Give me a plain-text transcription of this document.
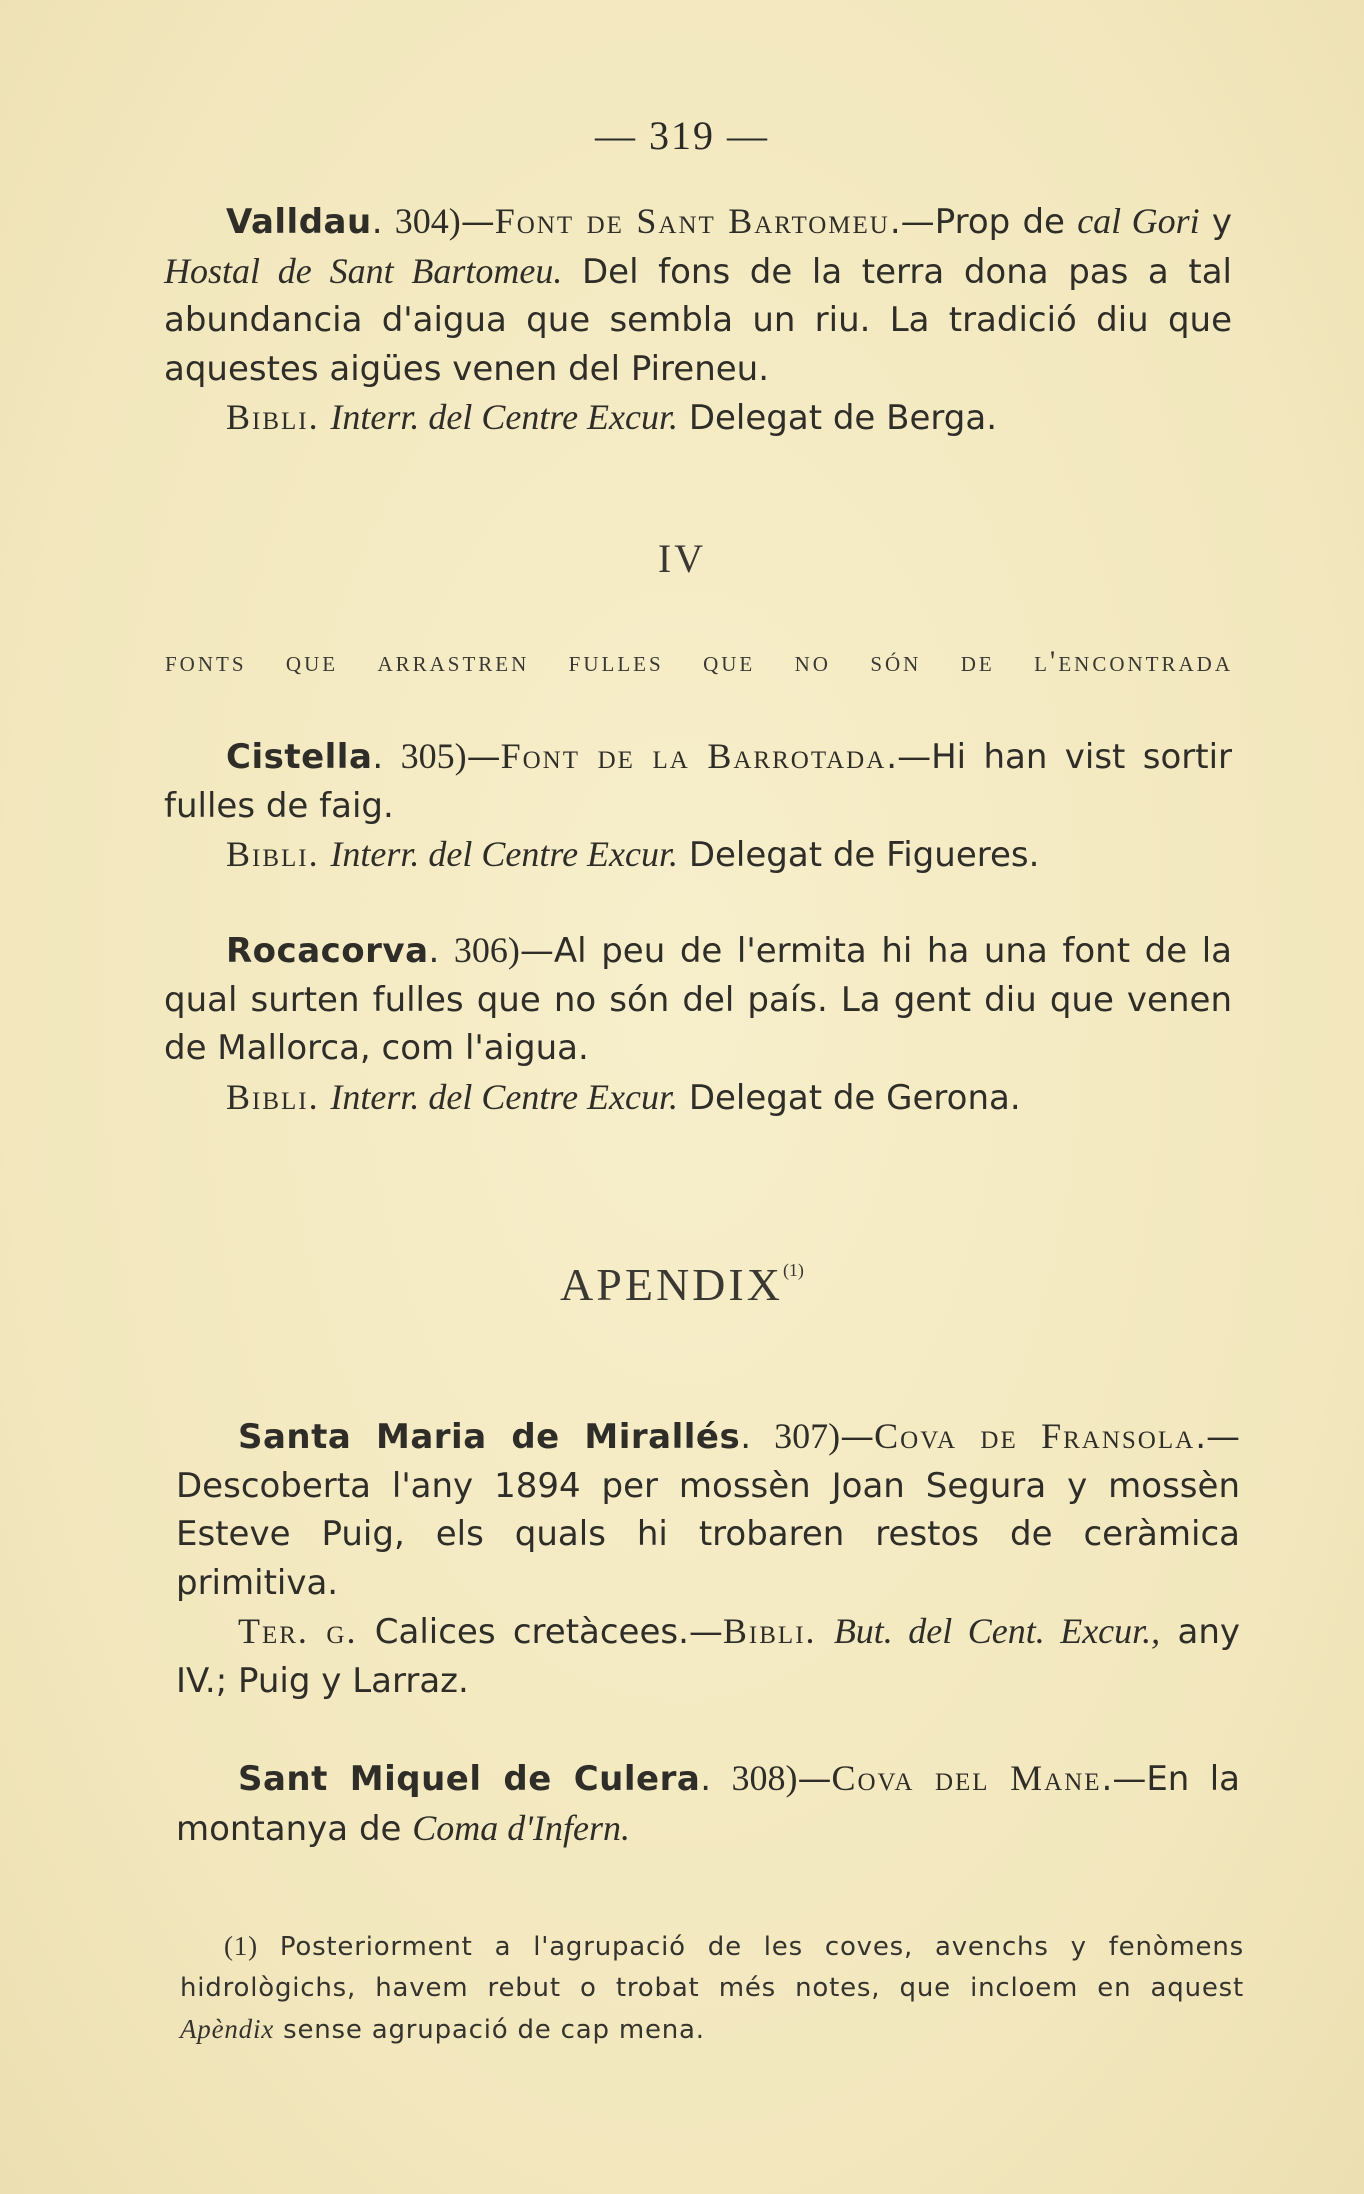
— 319 —

Valldau. 304)—Font de Sant Bartomeu.—Prop de cal Gori y Hostal de Sant Bartomeu. Del fons de la terra dona pas a tal abundancia d'aigua que sembla un riu. La tradició diu que aquestes aigües venen del Pireneu.

Bibli. Interr. del Centre Excur. Delegat de Berga.

IV
fonts que arrastren fulles que no són de l'encontrada

Cistella. 305)—Font de la Barrotada.—Hi han vist sortir fulles de faig.

Bibli. Interr. del Centre Excur. Delegat de Figueres.

Rocacorva. 306)—Al peu de l'ermita hi ha una font de la qual surten fulles que no són del país. La gent diu que venen de Mallorca, com l'aigua.

Bibli. Interr. del Centre Excur. Delegat de Gerona.

APENDIX$^{(1)}$

Santa Maria de Mirallés. 307)—Cova de Fransola.—Descoberta l'any 1894 per mossèn Joan Segura y mossèn Esteve Puig, els quals hi trobaren restos de ceràmica primitiva.

Ter. g. Calices cretàcees.—Bibli. But. del Cent. Excur., any IV.; Puig y Larraz.

Sant Miquel de Culera. 308)—Cova del Mane.—En la montanya de Coma d'Infern.

(1) Posteriorment a l'agrupació de les coves, avenchs y fenòmens hidrològichs, havem rebut o trobat més notes, que incloem en aquest Apèndix sense agrupació de cap mena.
